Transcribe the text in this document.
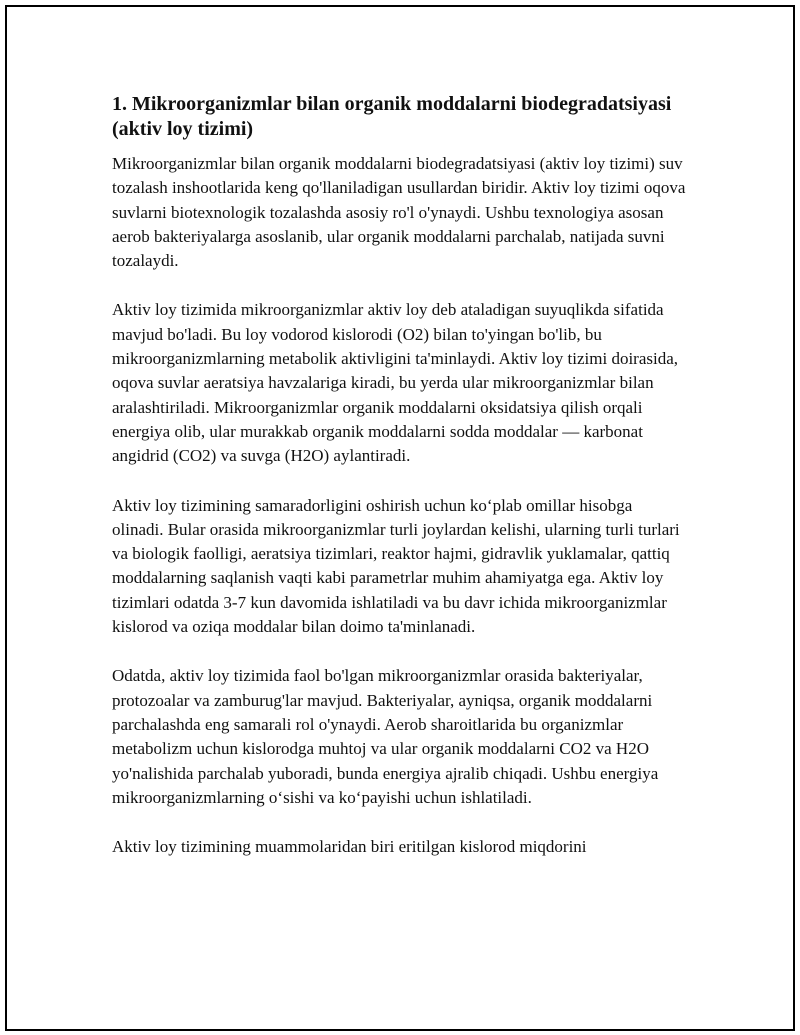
1. Mikroorganizmlar bilan organik moddalarni biodegradatsiyasi (aktiv loy tizimi)

Mikroorganizmlar bilan organik moddalarni biodegradatsiyasi (aktiv loy tizimi) suv tozalash inshootlarida keng qo'llaniladigan usullardan biridir. Aktiv loy tizimi oqova suvlarni biotexnologik tozalashda asosiy ro'l o'ynaydi. Ushbu texnologiya asosan aerob bakteriyalarga asoslanib, ular organik moddalarni parchalab, natijada suvni tozalaydi.

Aktiv loy tizimida mikroorganizmlar aktiv loy deb ataladigan suyuqlikda sifatida mavjud bo'ladi. Bu loy vodorod kislorodi (O2) bilan to'yingan bo'lib, bu mikroorganizmlarning metabolik aktivligini ta'minlaydi. Aktiv loy tizimi doirasida, oqova suvlar aeratsiya havzalariga kiradi, bu yerda ular mikroorganizmlar bilan aralashtiriladi. Mikroorganizmlar organik moddalarni oksidatsiya qilish orqali energiya olib, ular murakkab organik moddalarni sodda moddalar — karbonat angidrid (CO2) va suvga (H2O) aylantiradi.

Aktiv loy tizimining samaradorligini oshirish uchun ko‘plab omillar hisobga olinadi. Bular orasida mikroorganizmlar turli joylardan kelishi, ularning turli turlari va biologik faolligi, aeratsiya tizimlari, reaktor hajmi, gidravlik yuklamalar, qattiq moddalarning saqlanish vaqti kabi parametrlar muhim ahamiyatga ega. Aktiv loy tizimlari odatda 3-7 kun davomida ishlatiladi va bu davr ichida mikroorganizmlar kislorod va oziqa moddalar bilan doimo ta'minlanadi.

Odatda, aktiv loy tizimida faol bo'lgan mikroorganizmlar orasida bakteriyalar, protozoalar va zamburug'lar mavjud. Bakteriyalar, ayniqsa, organik moddalarni parchalashda eng samarali rol o'ynaydi. Aerob sharoitlarida bu organizmlar metabolizm uchun kislorodga muhtoj va ular organik moddalarni CO2 va H2O yo'nalishida parchalab yuboradi, bunda energiya ajralib chiqadi. Ushbu energiya mikroorganizmlarning o‘sishi va ko‘payishi uchun ishlatiladi.

Aktiv loy tizimining muammolaridan biri eritilgan kislorod miqdorini
